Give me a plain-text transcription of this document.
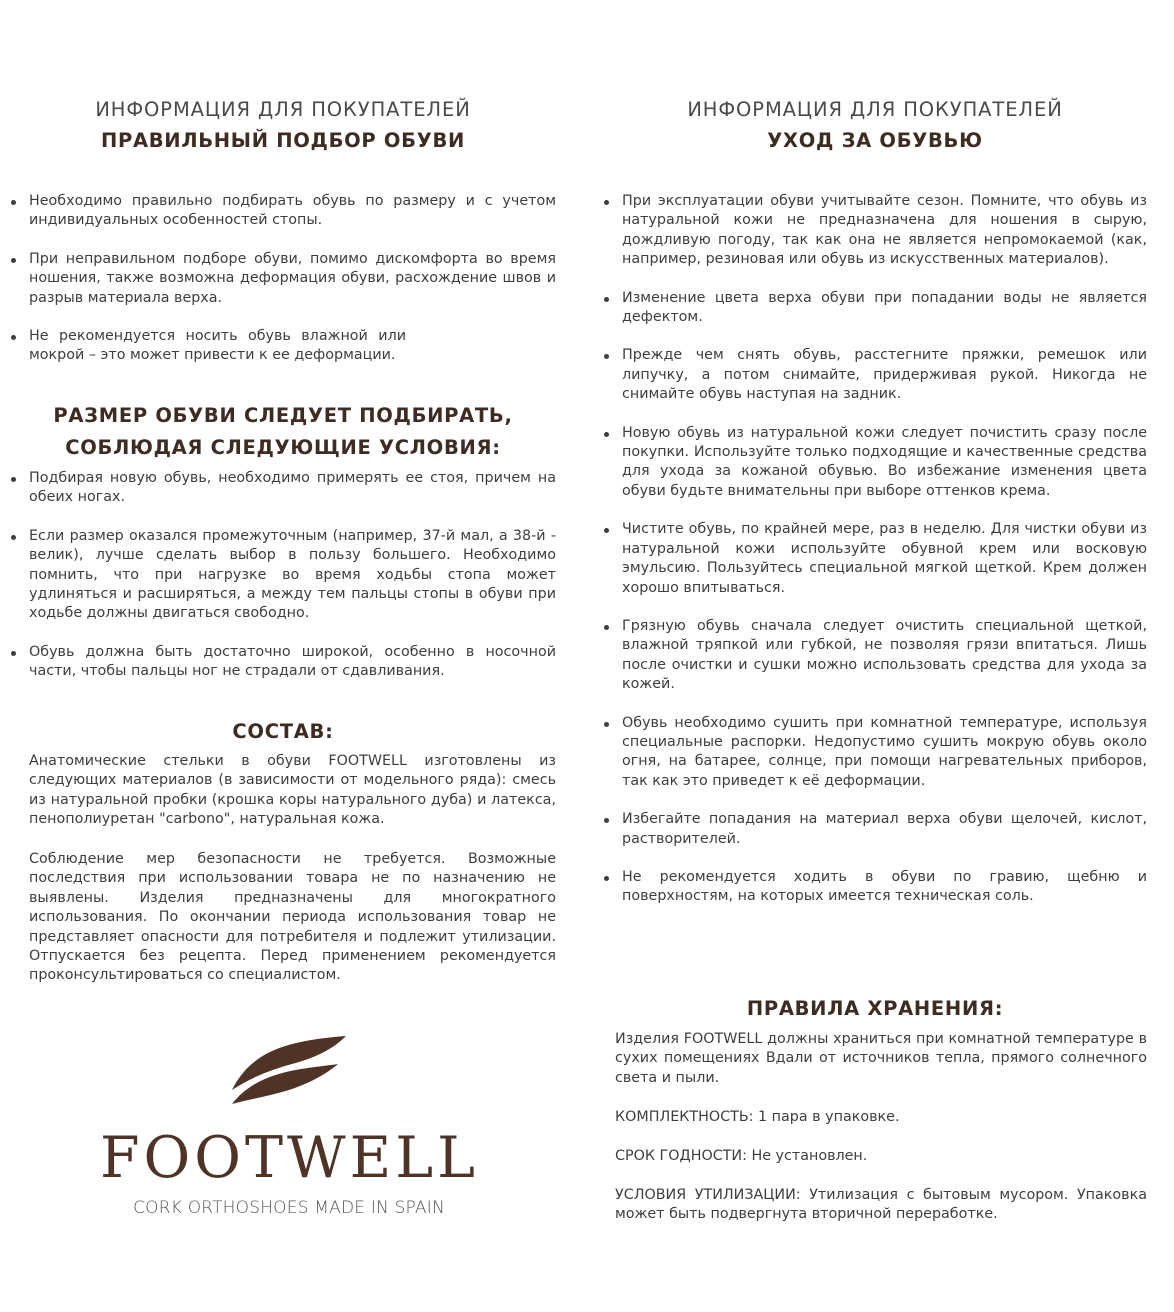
ИНФОРМАЦИЯ ДЛЯ ПОКУПАТЕЛЕЙ
ПРАВИЛЬНЫЙ ПОДБОР ОБУВИ
Необходимо правильно подбирать обувь по размеру и с учетом индивидуальных особенностей стопы.
При неправильном подборе обуви, помимо дискомфорта во время ношения, также возможна деформация обуви, расхождение швов и разрыв материала верха.
Не рекомендуется носить обувь влажной или мокрой – это может привести к ее деформации.
РАЗМЕР ОБУВИ СЛЕДУЕТ ПОДБИРАТЬ, СОБЛЮДАЯ СЛЕДУЮЩИЕ УСЛОВИЯ:
Подбирая новую обувь, необходимо примерять ее стоя, причем на обеих ногах.
Если размер оказался промежуточным (например, 37-й мал, а 38-й - велик), лучше сделать выбор в пользу большего. Необходимо помнить, что при нагрузке во время ходьбы стопа может удлиняться и расширяться, а между тем пальцы стопы в обуви при ходьбе должны двигаться свободно.
Обувь должна быть достаточно широкой, особенно в носочной части, чтобы пальцы ног не страдали от сдавливания.
СОСТАВ:

Анатомические стельки в обуви FOOTWELL изготовлены из следующих материалов (в зависимости от модельного ряда): смесь из натуральной пробки (крошка коры натурального дуба) и латекса, пенополиуретан "carbono", натуральная кожа.

Соблюдение мер безопасности не требуется. Возможные последствия при использовании товара не по назначению не выявлены. Изделия предназначены для многократного использования. По окончании периода использования товар не представляет опасности для потребителя и подлежит утилизации. Отпускается без рецепта. Перед применением рекомендуется проконсультироваться со специалистом.

FOOTWELL
CORK ORTHOSHOES MADE IN SPAIN
ИНФОРМАЦИЯ ДЛЯ ПОКУПАТЕЛЕЙ
УХОД ЗА ОБУВЬЮ
При эксплуатации обуви учитывайте сезон. Помните, что обувь из натуральной кожи не предназначена для ношения в сырую, дождливую погоду, так как она не является непромокаемой (как, например, резиновая или обувь из искусственных материалов).
Изменение цвета верха обуви при попадании воды не является дефектом.
Прежде чем снять обувь, расстегните пряжки, ремешок или липучку, а потом снимайте, придерживая рукой. Никогда не снимайте обувь наступая на задник.
Новую обувь из натуральной кожи следует почистить сразу после покупки. Используйте только подходящие и качественные средства для ухода за кожаной обувью. Во избежание изменения цвета обуви будьте внимательны при выборе оттенков крема.
Чистите обувь, по крайней мере, раз в неделю. Для чистки обуви из натуральной кожи используйте обувной крем или восковую эмульсию. Пользуйтесь специальной мягкой щеткой. Крем должен хорошо впитываться.
Грязную обувь сначала следует очистить специальной щеткой, влажной тряпкой или губкой, не позволяя грязи впитаться. Лишь после очистки и сушки можно использовать средства для ухода за кожей.
Обувь необходимо сушить при комнатной температуре, используя специальные распорки. Недопустимо сушить мокрую обувь около огня, на батарее, солнце, при помощи нагревательных приборов, так как это приведет к её деформации.
Избегайте попадания на материал верха обуви щелочей, кислот, растворителей.
Не рекомендуется ходить в обуви по гравию, щебню и поверхностям, на которых имеется техническая соль.
ПРАВИЛА ХРАНЕНИЯ:

Изделия FOOTWELL должны храниться при комнатной температуре в сухих помещениях Вдали от источников тепла, прямого солнечного света и пыли.

КОМПЛЕКТНОСТЬ: 1 пара в упаковке.

СРОК ГОДНОСТИ: Не установлен.

УСЛОВИЯ УТИЛИЗАЦИИ: Утилизация с бытовым мусором. Упаковка может быть подвергнута вторичной переработке.
